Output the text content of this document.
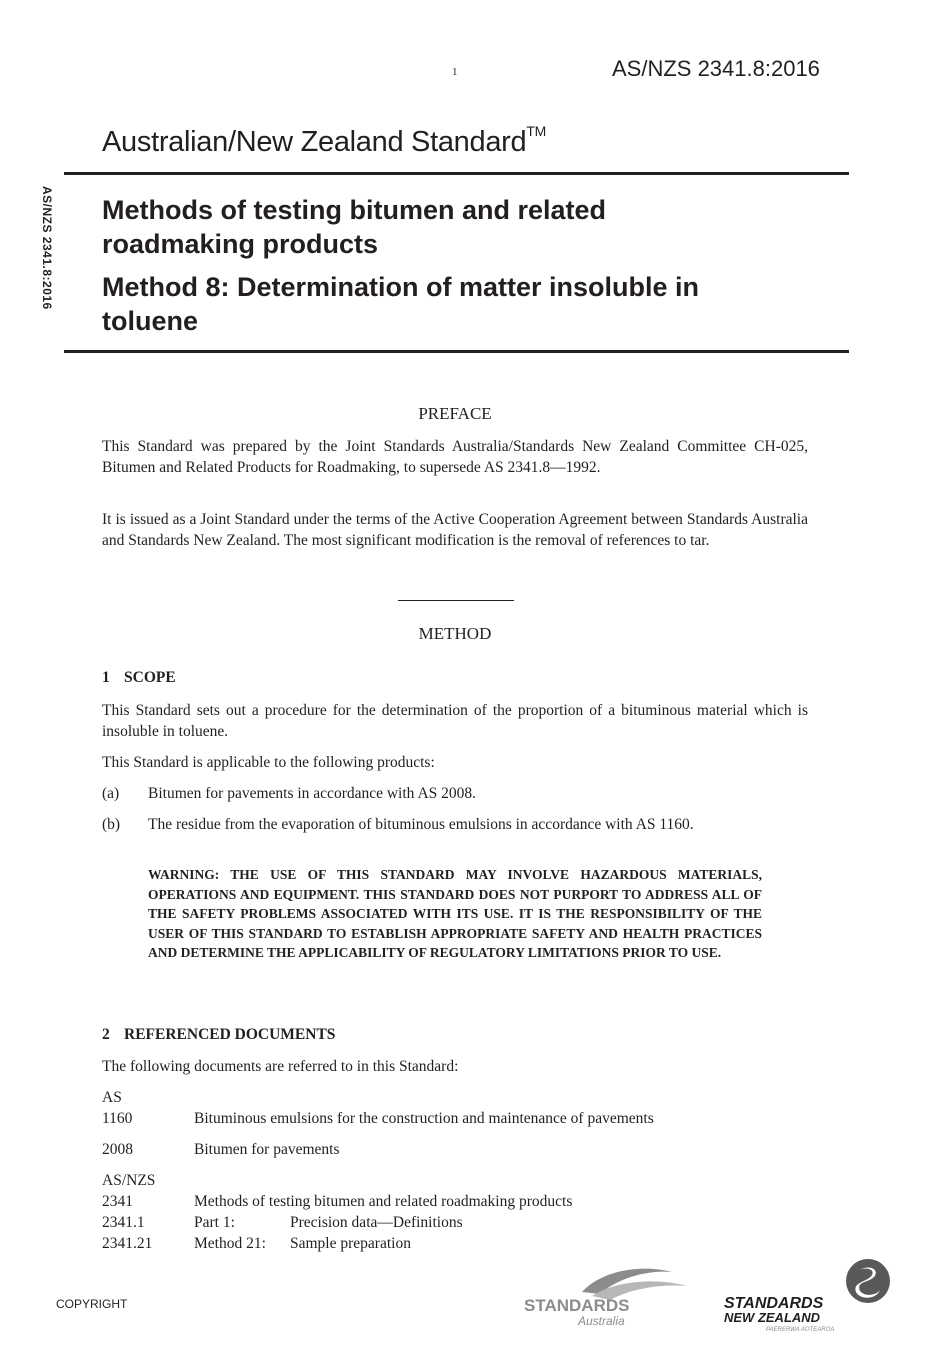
1	AS/NZS 2341.8:2016
AS/NZS 2341.8:2016
Australian/New Zealand Standard™
Methods of testing bitumen and related
roadmaking products
Method 8: Determination of matter insoluble in
toluene
PREFACE
This Standard was prepared by the Joint Standards Australia/Standards New Zealand Committee CH-025, Bitumen and Related Products for Roadmaking, to supersede AS 2341.8—1992.
It is issued as a Joint Standard under the terms of the Active Cooperation Agreement between Standards Australia and Standards New Zealand. The most significant modification is the removal of references to tar.
METHOD
1 SCOPE
This Standard sets out a procedure for the determination of the proportion of a bituminous material which is insoluble in toluene.
This Standard is applicable to the following products:
(a) Bitumen for pavements in accordance with AS 2008.
(b) The residue from the evaporation of bituminous emulsions in accordance with AS 1160.
WARNING: THE USE OF THIS STANDARD MAY INVOLVE HAZARDOUS MATERIALS, OPERATIONS AND EQUIPMENT. THIS STANDARD DOES NOT PURPORT TO ADDRESS ALL OF THE SAFETY PROBLEMS ASSOCIATED WITH ITS USE. IT IS THE RESPONSIBILITY OF THE USER OF THIS STANDARD TO ESTABLISH APPROPRIATE SAFETY AND HEALTH PRACTICES AND DETERMINE THE APPLICABILITY OF REGULATORY LIMITATIONS PRIOR TO USE.
2 REFERENCED DOCUMENTS
The following documents are referred to in this Standard:
AS
1160	Bituminous emulsions for the construction and maintenance of pavements
2008	Bitumen for pavements
AS/NZS
2341	Methods of testing bitumen and related roadmaking products
2341.1	Part 1:	Precision data—Definitions
2341.21	Method 21: Sample preparation
COPYRIGHT	STANDARDS
Australia
STANDARDS
NEW ZEALAND
PAERERWA AOTEAROA
